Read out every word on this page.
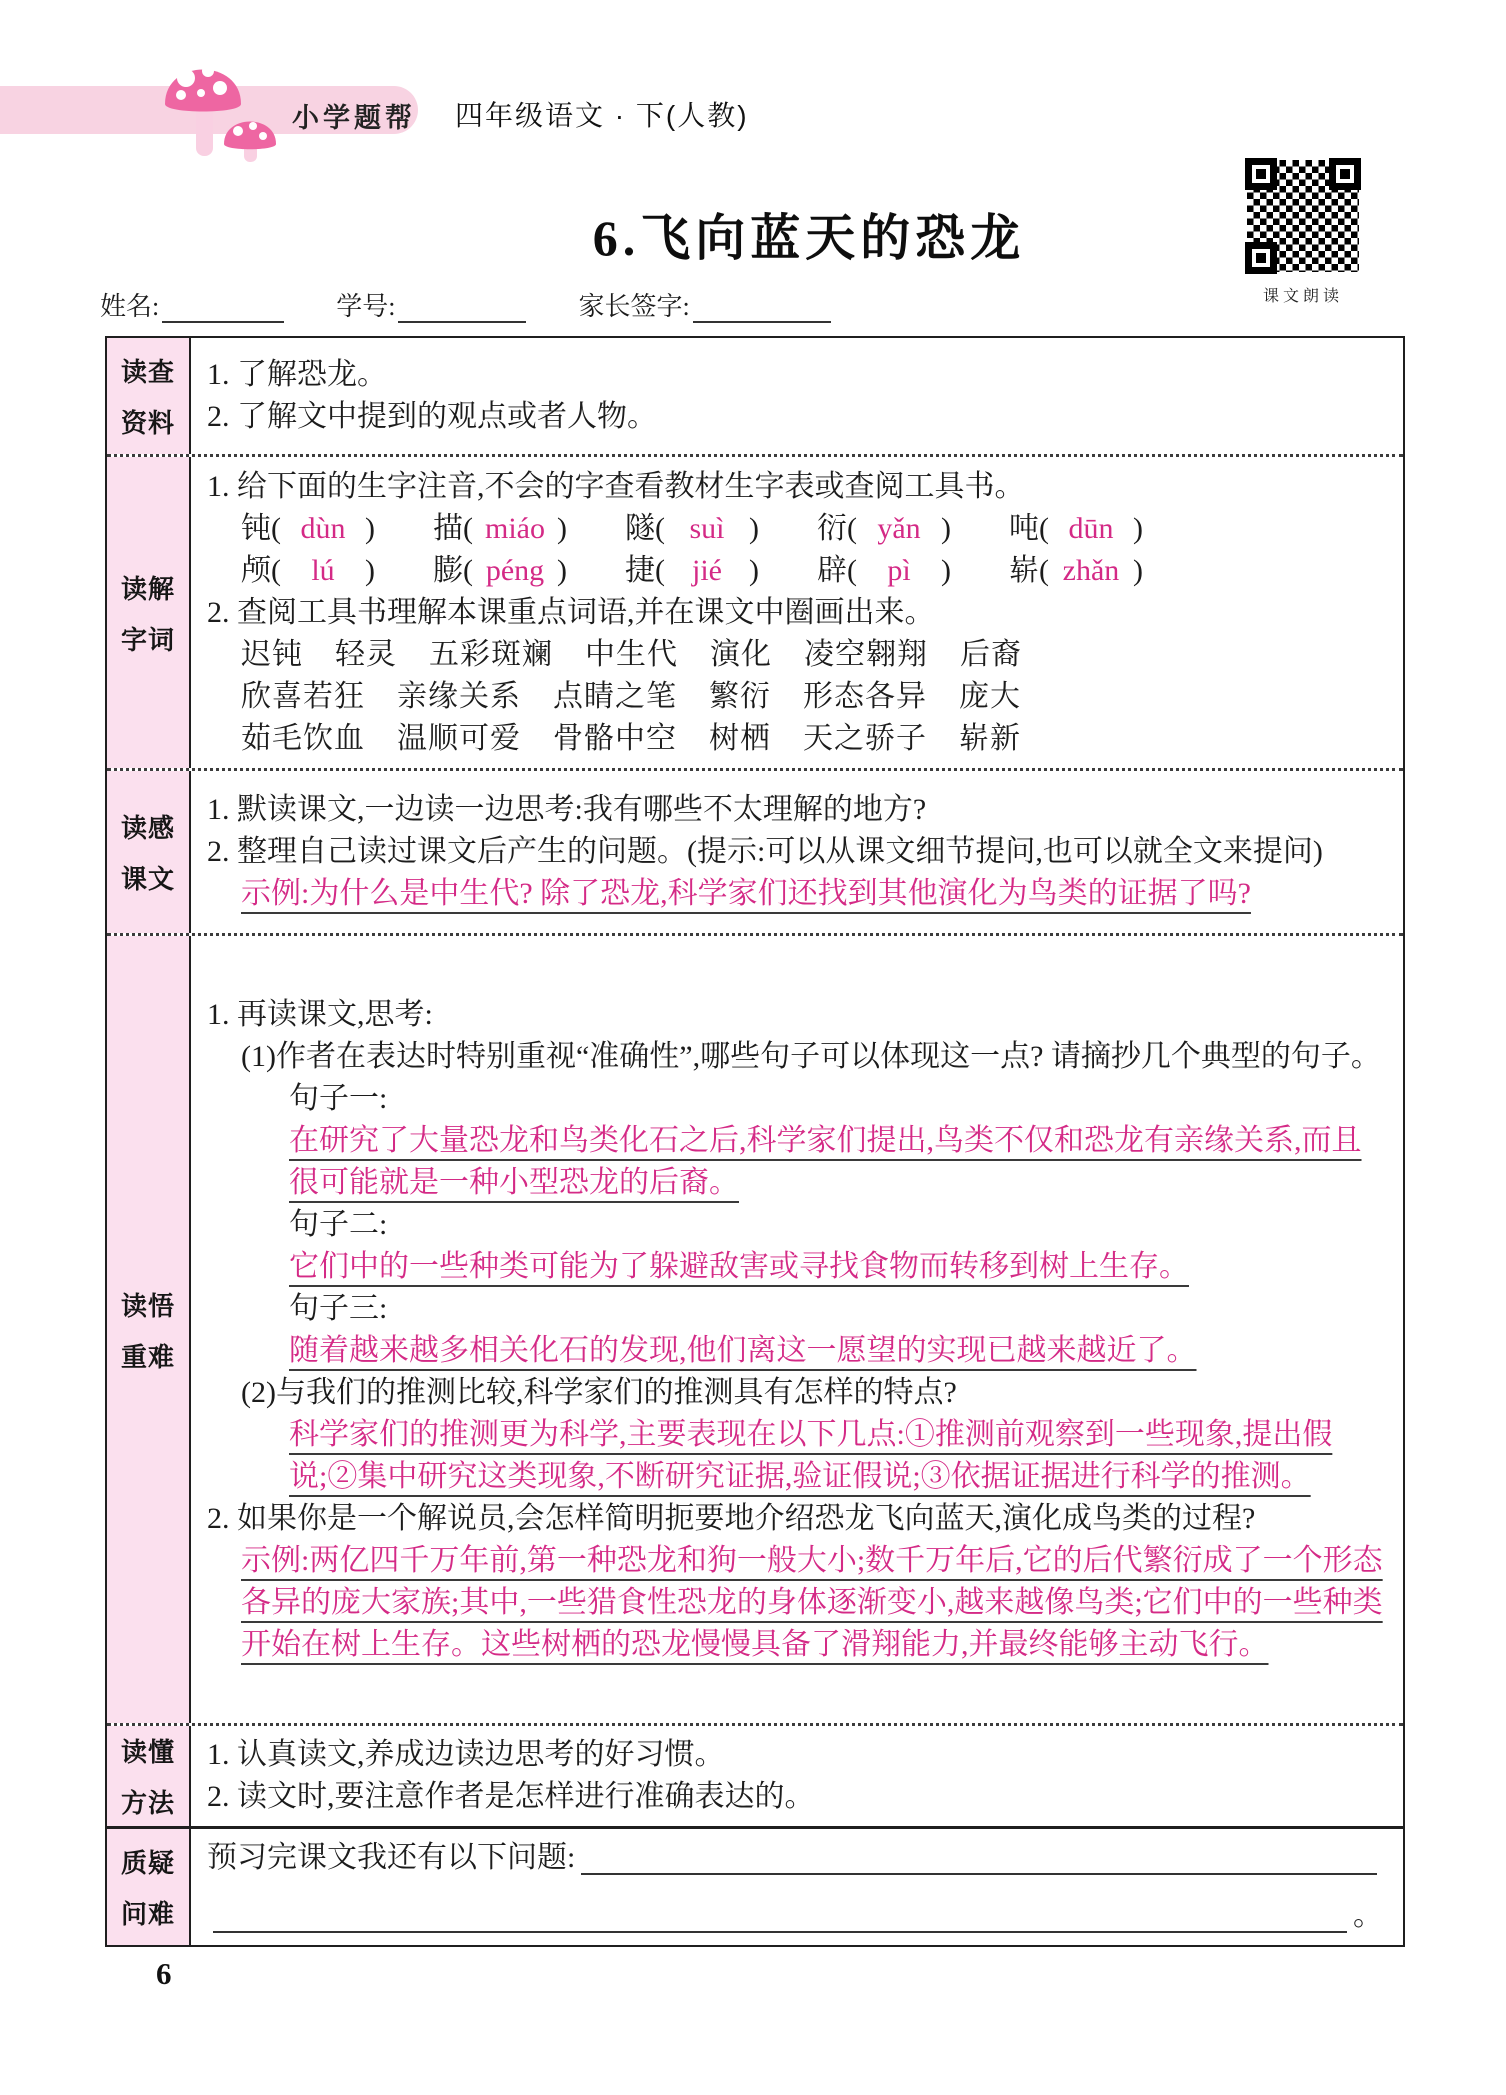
小学题帮 四年级语文 · 下(人教)
6.飞向蓝天的恐龙
课文朗读
姓名:	学号:	家长签字:
读查
资料
1. 了解恐龙。
2. 了解文中提到的观点或者人物。
读解
字词
1. 给下面的生字注音,不会的字查看教材生字表或查阅工具书。
钝( dùn ) 描( miáo ) 隧( suì ) 衍( yǎn ) 吨( dūn )
颅( lú ) 膨( péng ) 捷( jié ) 辟( pì ) 崭( zhǎn )
2. 查阅工具书理解本课重点词语,并在课文中圈画出来。
迟钝 轻灵 五彩斑斓 中生代 演化 凌空翱翔 后裔
欣喜若狂 亲缘关系 点睛之笔 繁衍 形态各异 庞大
茹毛饮血 温顺可爱 骨骼中空 树栖 天之骄子 崭新
读感
课文
1. 默读课文,一边读一边思考:我有哪些不太理解的地方?
2. 整理自己读过课文后产生的问题。(提示:可以从课文细节提问,也可以就全文来提问)
示例:为什么是中生代? 除了恐龙,科学家们还找到其他演化为鸟类的证据了吗?
读悟
重难
1. 再读课文,思考:
(1)作者在表达时特别重视“准确性”,哪些句子可以体现这一点? 请摘抄几个典型的句子。
句子一:
在研究了大量恐龙和鸟类化石之后,科学家们提出,鸟类不仅和恐龙有亲缘关系,而且很可能就是一种小型恐龙的后裔。
句子二:
它们中的一些种类可能为了躲避敌害或寻找食物而转移到树上生存。
句子三:
随着越来越多相关化石的发现,他们离这一愿望的实现已越来越近了。
(2)与我们的推测比较,科学家们的推测具有怎样的特点?
科学家们的推测更为科学,主要表现在以下几点:①推测前观察到一些现象,提出假说;②集中研究这类现象,不断研究证据,验证假说;③依据证据进行科学的推测。
2. 如果你是一个解说员,会怎样简明扼要地介绍恐龙飞向蓝天,演化成鸟类的过程?
示例:两亿四千万年前,第一种恐龙和狗一般大小;数千万年后,它的后代繁衍成了一个形态各异的庞大家族;其中,一些猎食性恐龙的身体逐渐变小,越来越像鸟类;它们中的一些种类开始在树上生存。这些树栖的恐龙慢慢具备了滑翔能力,并最终能够主动飞行。
读懂
方法
1. 认真读文,养成边读边思考的好习惯。
2. 读文时,要注意作者是怎样进行准确表达的。
质疑
问难
预习完课文我还有以下问题:
。
6
